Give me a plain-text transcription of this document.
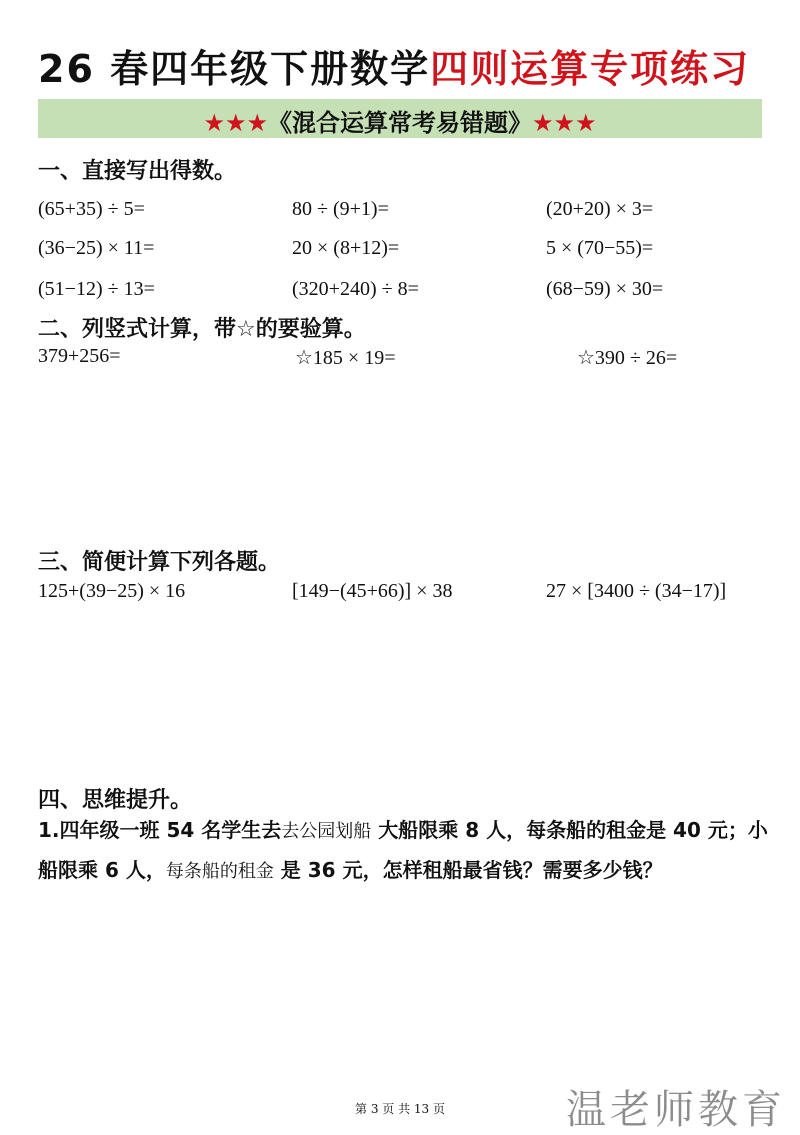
26 春四年级下册数学四则运算专项练习
★★★《混合运算常考易错题》★★★
一、直接写出得数。
(65+35) ÷ 5=	80 ÷ (9+1)=	(20+20) × 3=
(36−25) × 11=	20 × (8+12)=	5 × (70−55)=
(51−12) ÷ 13=	(320+240) ÷ 8=	(68−59) × 30=
二、列竖式计算，带☆的要验算。
379+256=	☆185 × 19=	☆390 ÷ 26=
三、简便计算下列各题。
125+(39−25) × 16	[149−(45+66)] × 38	27 × [3400 ÷ (34−17)]
四、思维提升。
1.四年级一班 54 名学生去去公园划船 大船限乘 8 人，每条船的租金是 40 元；小船限乘 6 人，每条船的租金 是 36 元，怎样租船最省钱？需要多少钱？
第 3 页 共 13 页	温老师教育
